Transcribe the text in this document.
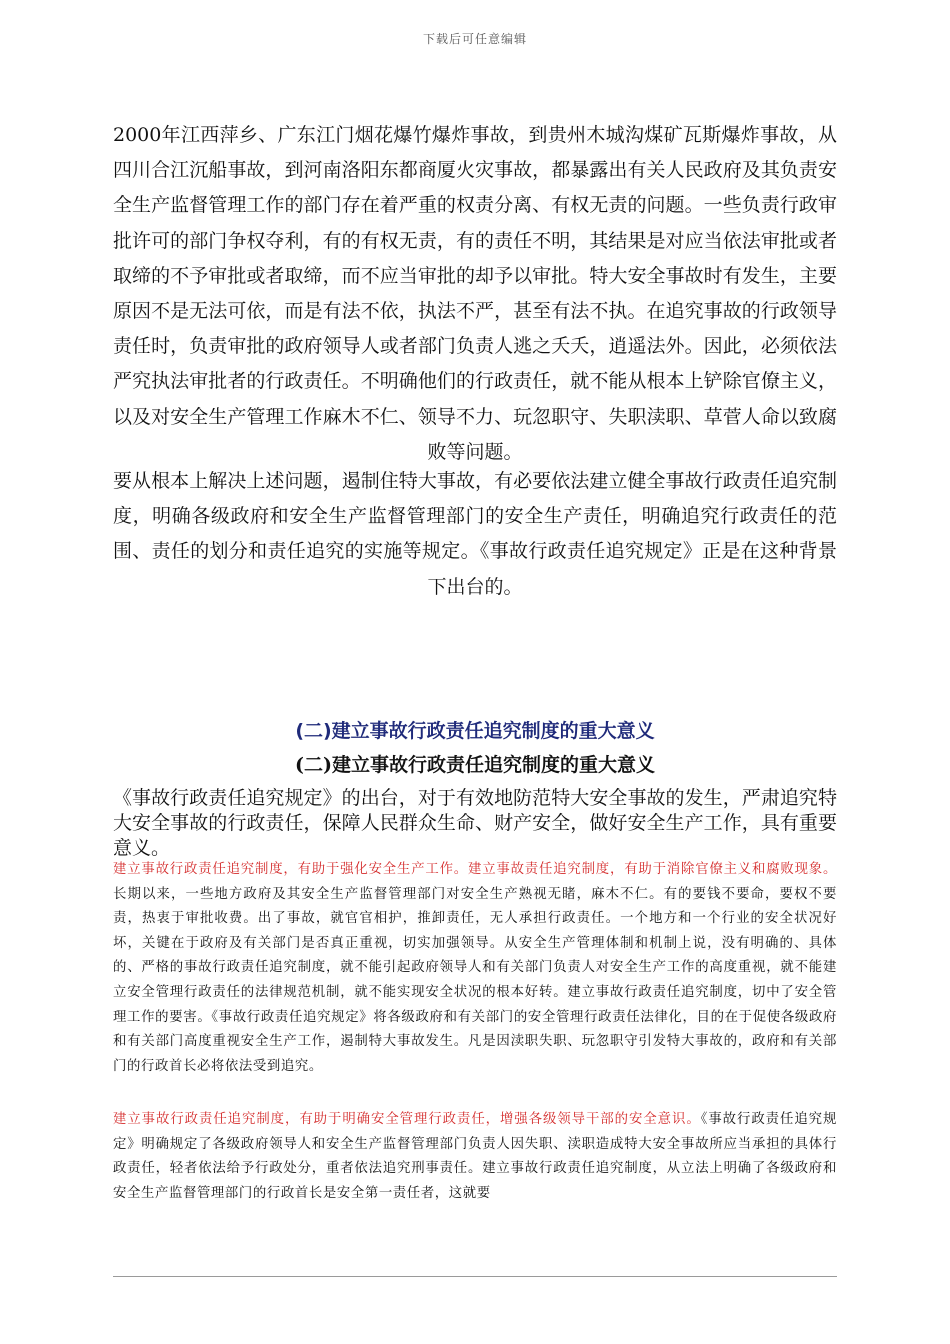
下载后可任意编辑

2000年江西萍乡、广东江门烟花爆竹爆炸事故，到贵州木城沟煤矿瓦斯爆炸事故，从四川合江沉船事故，到河南洛阳东都商厦火灾事故，都暴露出有关人民政府及其负责安全生产监督管理工作的部门存在着严重的权责分离、有权无责的问题。一些负责行政审批许可的部门争权夺利，有的有权无责，有的责任不明，其结果是对应当依法审批或者取缔的不予审批或者取缔，而不应当审批的却予以审批。特大安全事故时有发生，主要原因不是无法可依，而是有法不依，执法不严，甚至有法不执。在追究事故的行政领导责任时，负责审批的政府领导人或者部门负责人逃之夭夭，逍遥法外。因此，必须依法严究执法审批者的行政责任。不明确他们的行政责任，就不能从根本上铲除官僚主义，以及对安全生产管理工作麻木不仁、领导不力、玩忽职守、失职渎职、草菅人命以致腐败等问题。

要从根本上解决上述问题，遏制住特大事故，有必要依法建立健全事故行政责任追究制度，明确各级政府和安全生产监督管理部门的安全生产责任，明确追究行政责任的范围、责任的划分和责任追究的实施等规定。《事故行政责任追究规定》正是在这种背景下出台的。

(二)建立事故行政责任追究制度的重大意义
(二)建立事故行政责任追究制度的重大意义

《事故行政责任追究规定》的出台，对于有效地防范特大安全事故的发生，严肃追究特大安全事故的行政责任，保障人民群众生命、财产安全，做好安全生产工作，具有重要意义。

建立事故行政责任追究制度，有助于强化安全生产工作。建立事故责任追究制度，有助于消除官僚主义和腐败现象。长期以来，一些地方政府及其安全生产监督管理部门对安全生产熟视无睹，麻木不仁。有的要钱不要命，要权不要责，热衷于审批收费。出了事故，就官官相护，推卸责任，无人承担行政责任。一个地方和一个行业的安全状况好坏，关键在于政府及有关部门是否真正重视，切实加强领导。从安全生产管理体制和机制上说，没有明确的、具体的、严格的事故行政责任追究制度，就不能引起政府领导人和有关部门负责人对安全生产工作的高度重视，就不能建立安全管理行政责任的法律规范机制，就不能实现安全状况的根本好转。建立事故行政责任追究制度，切中了安全管理工作的要害。《事故行政责任追究规定》将各级政府和有关部门的安全管理行政责任法律化，目的在于促使各级政府和有关部门高度重视安全生产工作，遏制特大事故发生。凡是因渎职失职、玩忽职守引发特大事故的，政府和有关部门的行政首长必将依法受到追究。

建立事故行政责任追究制度，有助于明确安全管理行政责任，增强各级领导干部的安全意识。《事故行政责任追究规定》明确规定了各级政府领导人和安全生产监督管理部门负责人因失职、渎职造成特大安全事故所应当承担的具体行政责任，轻者依法给予行政处分，重者依法追究刑事责任。建立事故行政责任追究制度，从立法上明确了各级政府和安全生产监督管理部门的行政首长是安全第一责任者，这就要
